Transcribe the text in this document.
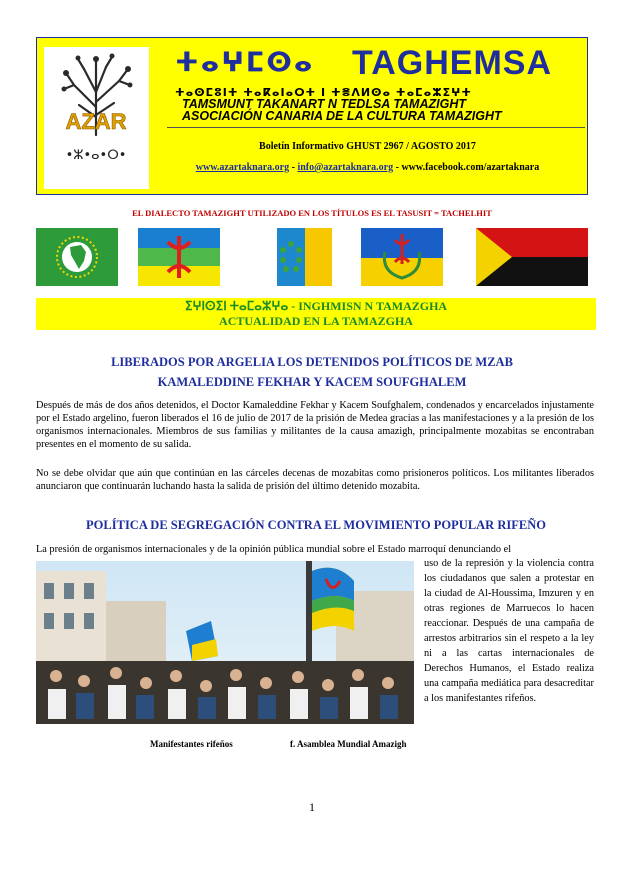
AZAR
•ⵣ•ⴰ•ⵔ•
ⵜⴰⵖⵎⵙⴰ	TAGHEMSA
ⵜⴰⵙⵎⵓⵏⵜ ⵜⴰⴽⴰⵏⴰⵔⵜ ⵏ ⵜⴻⴷⵍⵙⴰ ⵜⴰⵎⴰⵣⵉⵖⵜ
TAMSMUNT TAKANART N TEDLSA TAMAZIGHT
ASOCIACIÓN CANARIA DE LA CULTURA TAMAZIGHT
Boletín Informativo GHUST 2967 / AGOSTO 2017
www.azartaknara.org - info@azartaknara.org - www.facebook.com/azartaknara
EL DIALECTO TAMAZIGHT UTILIZADO EN LOS TÍTULOS ES EL TASUSIT = TACHELHIT
ⵉⵖⵏⵙⵉⵏ ⵜⴰⵎⴰⵣⵖⴰ - INGHMISN N TAMAZGHA
ACTUALIDAD EN LA TAMAZGHA
LIBERADOS POR ARGELIA LOS DETENIDOS POLÍTICOS DE MZAB
KAMALEDDINE FEKHAR Y KACEM SOUFGHALEM
Después de más de dos años detenidos, el Doctor Kamaleddine Fekhar y Kacem Soufghalem, condenados y encarcelados injustamente por el Estado argelino, fueron liberados el 16 de julio de 2017 de la prisión de Medea gracias a las manifestaciones y a la presión de los organismos internacionales. Miembros de sus familias y militantes de la causa amazigh, principalmente mozabitas se encontraban presentes en el momento de su salida.
No se debe olvidar que aún que continúan en las cárceles decenas de mozabitas como prisioneros políticos. Los militantes liberados anunciaron que continuarán luchando hasta la salida de prisión del último detenido mozabita.
POLÍTICA DE SEGREGACIÓN CONTRA EL MOVIMIENTO POPULAR RIFEÑO
La presión de organismos internacionales y de la opinión pública mundial sobre el Estado marroquí denunciando el
uso de la represión y la violencia contra los ciudadanos que salen a protestar en la ciudad de Al-Houssima, Imzuren y en otras regiones de Marruecos lo hacen reaccionar. Después de una campaña de arrestos arbitrarios sin el respeto a la ley ni a las cartas internacionales de Derechos Humanos, el Estado realiza una campaña mediática para desacreditar a los manifestantes rifeños.
Manifestantes rifeños	f. Asamblea Mundial Amazigh
1
